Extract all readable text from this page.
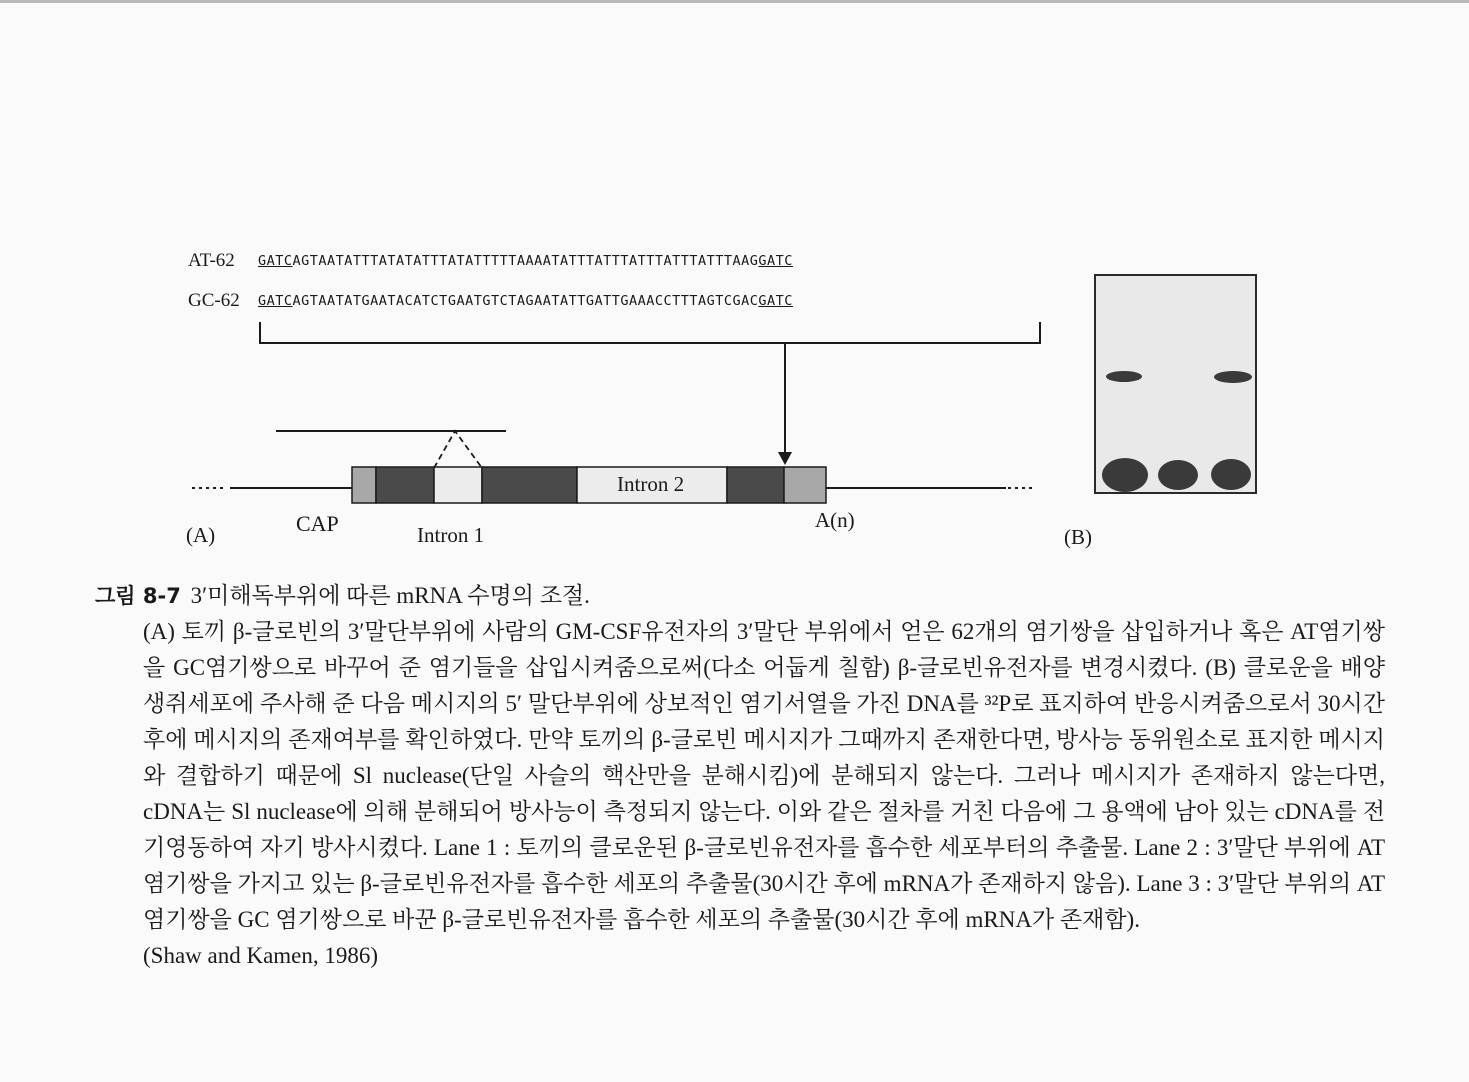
AT-62 GATCAGTAATATTTATATATTTATATTTTTAAAATATTTATTTATTTATTTATTTAAGGATC
GC-62 GATCAGTAATATGAATACATCTGAATGTCTAGAATATTGATTGAAACCTTTAGTCGACGATC
Intron 2
(A)	CAP	Intron 1
A(n)
(B)
그림 8-7 3′미해독부위에 따른 mRNA 수명의 조절.

(A) 토끼 β-글로빈의 3′말단부위에 사람의 GM-CSF유전자의 3′말단 부위에서 얻은 62개의 염기쌍을 삽입하거나 혹은 AT염기쌍을 GC염기쌍으로 바꾸어 준 염기들을 삽입시켜줌으로써(다소 어둡게 칠함) β-글로빈유전자를 변경시켰다. (B) 클로운을 배양 생쥐세포에 주사해 준 다음 메시지의 5′ 말단부위에 상보적인 염기서열을 가진 DNA를 ³²P로 표지하여 반응시켜줌으로서 30시간 후에 메시지의 존재여부를 확인하였다. 만약 토끼의 β-글로빈 메시지가 그때까지 존재한다면, 방사능 동위원소로 표지한 메시지와 결합하기 때문에 Sl nuclease(단일 사슬의 핵산만을 분해시킴)에 분해되지 않는다. 그러나 메시지가 존재하지 않는다면, cDNA는 Sl nuclease에 의해 분해되어 방사능이 측정되지 않는다. 이와 같은 절차를 거친 다음에 그 용액에 남아 있는 cDNA를 전기영동하여 자기 방사시켰다. Lane 1 : 토끼의 클로운된 β-글로빈유전자를 흡수한 세포부터의 추출물. Lane 2 : 3′말단 부위에 AT 염기쌍을 가지고 있는 β-글로빈유전자를 흡수한 세포의 추출물(30시간 후에 mRNA가 존재하지 않음). Lane 3 : 3′말단 부위의 AT 염기쌍을 GC 염기쌍으로 바꾼 β-글로빈유전자를 흡수한 세포의 추출물(30시간 후에 mRNA가 존재함).

(Shaw and Kamen, 1986)
